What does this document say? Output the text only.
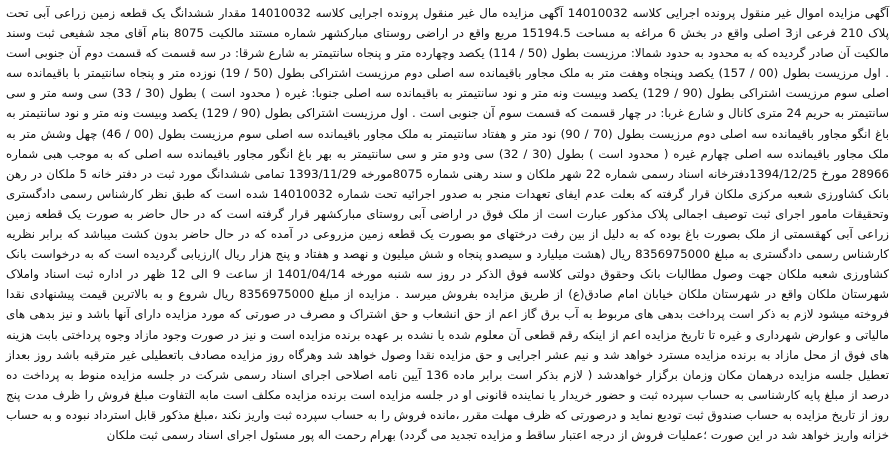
آگهی مزایده اموال غیر منقول پرونده اجرایی کلاسه 14010032 آگهی مزایده مال غیر منقول پرونده اجرایی کلاسه 14010032 مقدار ششدانگ یک قطعه زمین زراعی آبی تحت پلاک 210 فرعی از3 اصلی واقع در بخش 6 مراغه به مساحت 15194.5 مربع واقع در اراضی روستای مبارکشهر شماره مستند مالکیت 8075 بنام آقای مجد شفیعی ثبت وسند مالکیت آن صادر گردیده که به محدود به حدود شمالا: مرزیست بطول (50 / 114) یکصد وچهارده متر و پنجاه سانتیمتر به شارع شرقا: در سه قسمت که قسمت دوم آن جنوبی است . اول مرزیست بطول (00 / 157) یکصد وپنجاه وهفت متر به ملک مجاور باقیمانده سه اصلی دوم مرزیست اشتراکی بطول (50 / 19) نوزده متر و پنجاه سانتیمتر با باقیمانده سه اصلی سوم مرزیست اشتراکی بطول (90 / 129) یکصد وبیست ونه متر و نود سانتیمتر به باقیمانده سه اصلی جنوبا: غیره ( محدود است ) بطول (30 / 33) سی وسه متر و سی سانتیمتر به حریم 24 متری کانال و شارع غربا: در چهار قسمت که قسمت سوم آن جنوبی است . اول مرزیست اشتراکی بطول (90 / 129) یکصد وبیست ونه متر و نود سانتیمتر به باغ انگو مجاور باقیمانده سه اصلی دوم مرزیست بطول (70 / 90) نود متر و هفتاد سانتیمتر به ملک مجاور باقیمانده سه اصلی سوم مرزیست بطول (00 / 46) چهل وشش متر به ملک مجاور باقیمانده سه اصلی چهارم غیره ( محدود است ) بطول (30 / 32) سی ودو متر و سی سانتیمتر به بهر باغ انگور مجاور باقیمانده سه اصلی که به موجب هبی شماره 28966 مورخ 1394/12/25دفترخانه اسناد رسمی شماره 22 شهر ملکان و سند رهنی شماره 8075مورخه 1393/11/29 تمامی ششدانگ مورد ثبت در دفتر خانه 5 ملکان در رهن بانک کشاورزی شعبه مرکزی ملکان قرار گرفته که بعلت عدم ایفای تعهدات منجر به صدور اجرائیه تحت شماره 14010032 شده است که طبق نظر کارشناس رسمی دادگستری وتحقیقات مامور اجرای ثبت توصیف اجمالی پلاک مذکور عبارت است از ملک فوق در اراضی آبی روستای مبارکشهر قرار گرفته است که در حال حاضر به صورت یک قطعه زمین زراعی آبی کهقسمتی از ملک بصورت باغ بوده که به دلیل از بین رفت درختهای مو بصورت یک قطعه زمین مزروعی در آمده که در حال حاضر بدون کشت میباشد که برابر نظریه کارشناس رسمی دادگستری به مبلغ 8356975000 ریال (هشت میلیارد و سیصدو پنجاه و شش میلیون و نهصد و هفتاد و پنج هزار ریال )ارزیابی گردیده است که به درخواست بانک کشاورزی شعبه ملکان جهت وصول مطالبات بانک وحقوق دولتی کلاسه فوق الذکر در روز سه شنبه مورخه 1401/04/14 از ساعت 9 الی 12 ظهر در اداره ثبت اسناد واملاک شهرستان ملکان واقع در شهرستان ملکان خیابان امام صادق(ع) از طریق مزایده بفروش میرسد . مزایده از مبلغ 8356975000 ریال شروع و به بالاترین قیمت پیشنهادی نقدا فروخته میشود لازم به ذکر است پرداخت بدهی های مربوط به آب برق گاز اعم از حق انشعاب و حق اشتراک و مصرف در صورتی که مورد مزایده دارای آنها باشد و نیز بدهی های مالیاتی و عوارض شهرداری و غیره تا تاریخ مزایده اعم از اینکه رقم قطعی آن معلوم شده یا نشده بر عهده برنده مزایده است و نیز در صورت وجود مازاد وجوه پرداختی بابت هزینه های فوق از محل مازاد به برنده مزایده مسترد خواهد شد و نیم عشر اجرایی و حق مزایده نقدا وصول خواهد شد وهرگاه روز مزایده مصادف باتعطیلی غیر مترقبه باشد روز بعداز تعطیل جلسه مزایده درهمان مکان وزمان برگزار خواهدشد ( لازم بذکر است برابر ماده 136 آیین نامه اصلاحی اجرای اسناد رسمی شرکت در جلسه مزایده منوط به پرداخت ده درصد از مبلغ پایه کارشناسی به حساب سپرده ثبت و حضور خریدار یا نماینده قانونی او در جلسه مزایده است برنده مزایده مکلف است مابه التفاوت مبلغ فروش را ظرف مدت پنج روز از تاریخ مزایده به حساب صندوق ثبت تودیع نماید و درصورتی که ظرف مهلت مقرر ،مانده فروش را به حساب سپرده ثبت واریز نکند ،مبلغ مذکور قابل استرداد نبوده و به حساب خزانه واریز خواهد شد در این صورت ؛عملیات فروش از درجه اعتبار ساقط و مزایده تجدید می گردد) بهرام رحمت اله پور مسئول اجرای اسناد رسمی ثبت ملکان
